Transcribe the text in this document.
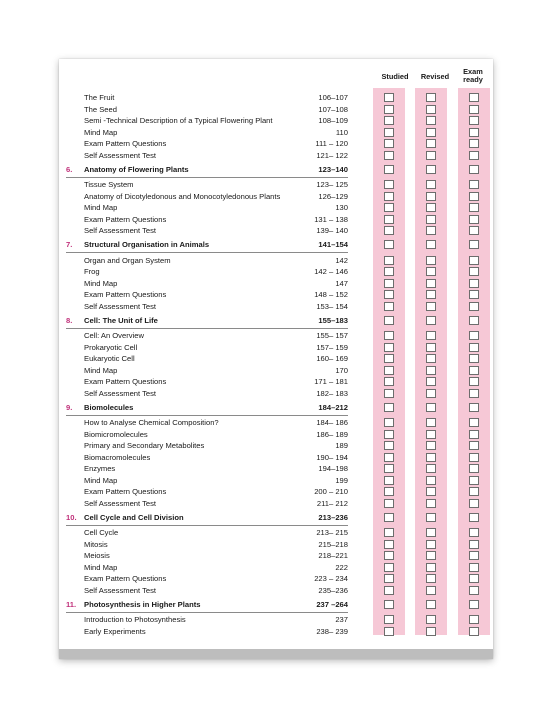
Studied	Revised
Exam ready
The Fruit	106–107
The Seed	107–108
Semi -Technical Description of a Typical Flowering Plant	108–109
Mind Map	110
Exam Pattern Questions	111 – 120
Self Assessment Test	121– 122
6. Anatomy of Flowering Plants	123–140
Tissue System	123– 125
Anatomy of Dicotyledonous and Monocotyledonous Plants	126–129
Mind Map	130
Exam Pattern Questions	131 – 138
Self Assessment Test	139– 140
7. Structural Organisation in Animals	141–154
Organ and Organ System	142
Frog	142 – 146
Mind Map	147
Exam Pattern Questions	148 – 152
Self Assessment Test	153– 154
8. Cell: The Unit of Life	155–183
Cell: An Overview	155– 157
Prokaryotic Cell	157– 159
Eukaryotic Cell	160– 169
Mind Map	170
Exam Pattern Questions	171 – 181
Self Assessment Test	182– 183
9. Biomolecules	184–212
How to Analyse Chemical Composition?	184– 186
Biomicromolecules	186– 189
Primary and Secondary Metabolites	189
Biomacromolecules	190– 194
Enzymes	194–198
Mind Map	199
Exam Pattern Questions	200 – 210
Self Assessment Test	211– 212
10. Cell Cycle and Cell Division	213–236
Cell Cycle	213– 215
Mitosis	215–218
Meiosis	218–221
Mind Map	222
Exam Pattern Questions	223 – 234
Self Assessment Test	235–236
11. Photosynthesis in Higher Plants	237 –264
Introduction to Photosynthesis	237
Early Experiments	238– 239
